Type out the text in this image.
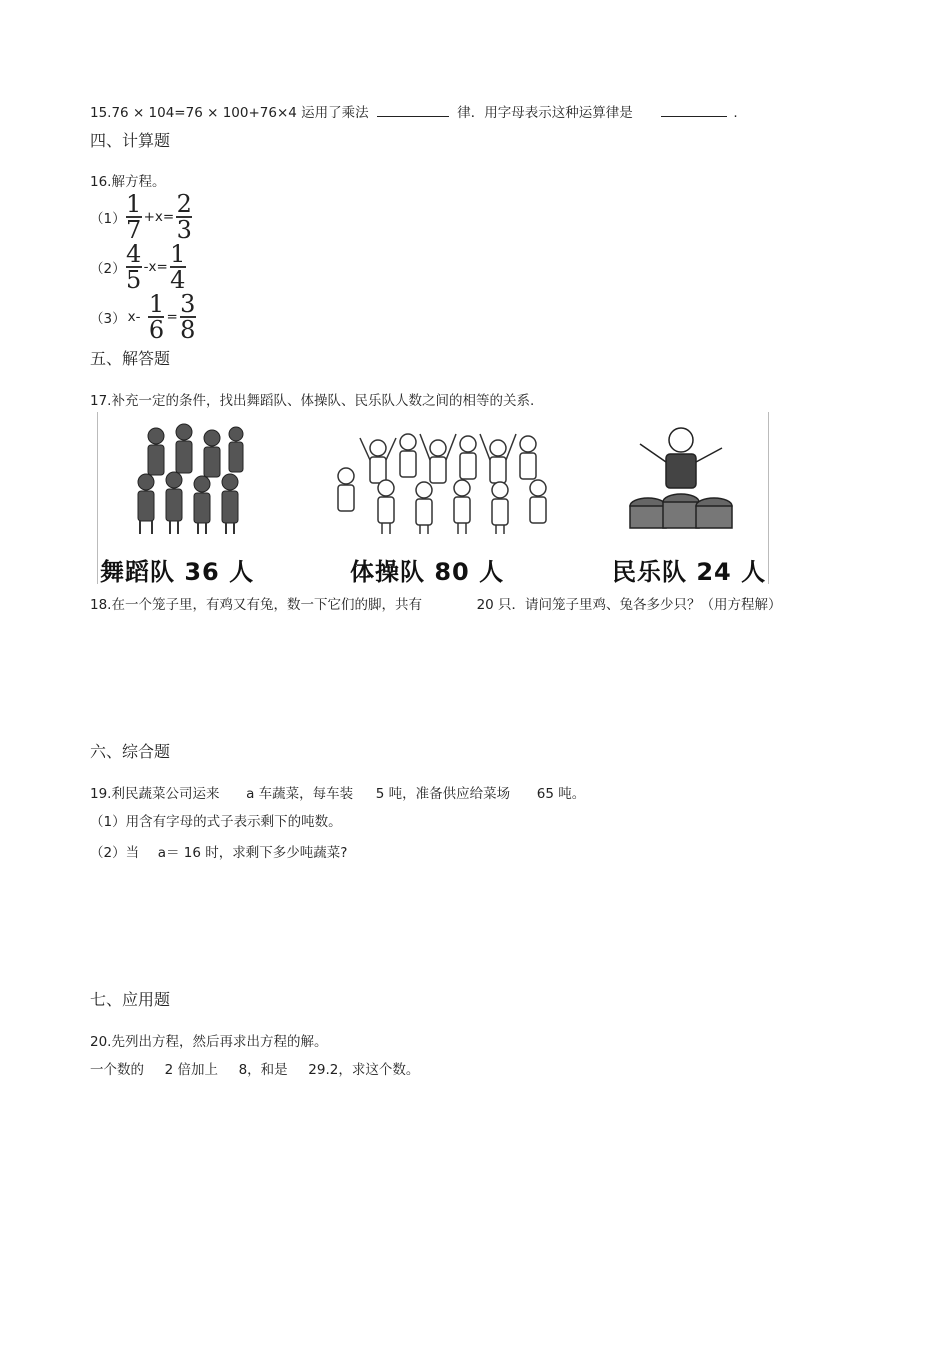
15.76 × 104=76 × 100+76×4 运用了乘法	律．用字母表示这种运算律是	.
四、计算题
16.解方程。
$(1) \frac{1}{7} +x= \frac{2}{3}$
$(2) \frac{4}{5} -x= \frac{1}{4}$
（3） $x- \frac{1}{6} = \frac{3}{8}$
五、解答题
17.补充一定的条件，找出舞蹈队、体操队、民乐队人数之间的相等的关系.
舞蹈队 36 人	体操队 80 人	民乐队 24 人
18.在一个笼子里，有鸡又有兔，数一下它们的脚，共有	20 只．请问笼子里鸡、兔各多少只？（用方程解）
六、综合题
19.利民蔬菜公司运来 a 车蔬菜，每车装 5 吨，准备供应给菜场 65 吨。
（1）用含有字母的式子表示剩下的吨数。
（2）当 a＝ 16 时，求剩下多少吨蔬菜?
七、应用题
20.先列出方程，然后再求出方程的解。
一个数的 2 倍加上 8，和是 29.2，求这个数。
